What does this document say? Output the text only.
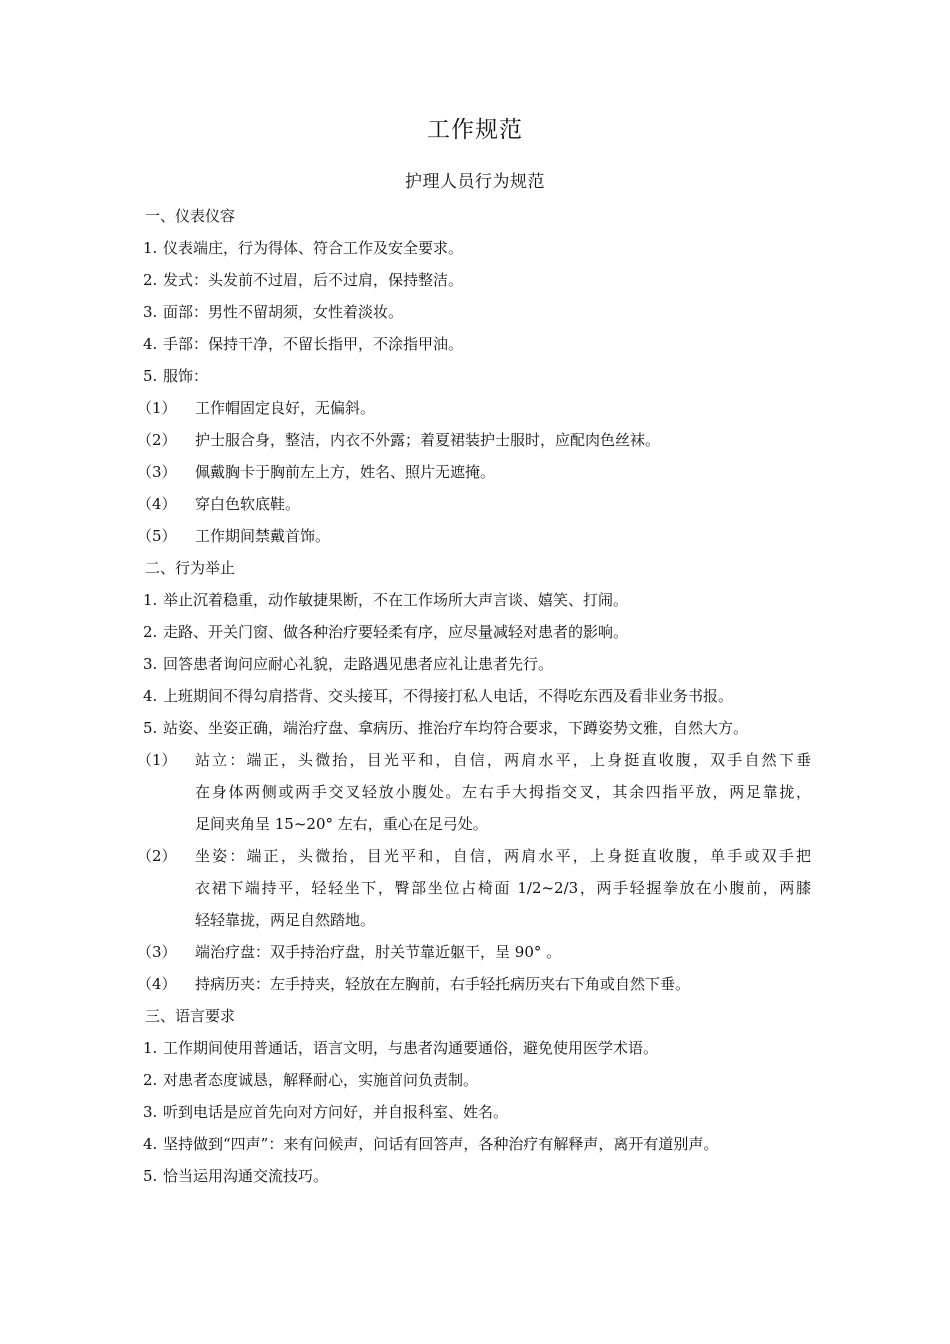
工作规范
护理人员行为规范
一、仪表仪容
1. 仪表端庄，行为得体、符合工作及安全要求。
2. 发式：头发前不过眉，后不过肩，保持整洁。
3. 面部：男性不留胡须，女性着淡妆。
4. 手部：保持干净，不留长指甲，不涂指甲油。
5. 服饰：
（1）	工作帽固定良好，无偏斜。
（2）	护士服合身，整洁，内衣不外露；着夏裙装护士服时，应配肉色丝袜。
（3）	佩戴胸卡于胸前左上方，姓名、照片无遮掩。
（4）	穿白色软底鞋。
（5）	工作期间禁戴首饰。
二、行为举止
1. 举止沉着稳重，动作敏捷果断，不在工作场所大声言谈、嬉笑、打闹。
2. 走路、开关门窗、做各种治疗要轻柔有序，应尽量减轻对患者的影响。
3. 回答患者询问应耐心礼貌，走路遇见患者应礼让患者先行。
4. 上班期间不得勾肩搭背、交头接耳，不得接打私人电话，不得吃东西及看非业务书报。
5. 站姿、坐姿正确，端治疗盘、拿病历、推治疗车均符合要求，下蹲姿势文雅，自然大方。
（1）	站立：端正，头微抬，目光平和，自信，两肩水平，上身挺直收腹，双手自然下垂
在身体两侧或两手交叉轻放小腹处。左右手大拇指交叉，其余四指平放，两足靠拢，
足间夹角呈 15~20° 左右，重心在足弓处。
（2）	坐姿：端正，头微抬，目光平和，自信，两肩水平，上身挺直收腹，单手或双手把
衣裙下端持平，轻轻坐下，臀部坐位占椅面 1/2~2/3，两手轻握拳放在小腹前，两膝
轻轻靠拢，两足自然踏地。
（3）	端治疗盘：双手持治疗盘，肘关节靠近躯干，呈 90° 。
（4）	持病历夹：左手持夹，轻放在左胸前，右手轻托病历夹右下角或自然下垂。
三、语言要求
1. 工作期间使用普通话，语言文明，与患者沟通要通俗，避免使用医学术语。
2. 对患者态度诚恳，解释耐心，实施首问负责制。
3. 听到电话是应首先向对方问好，并自报科室、姓名。
4. 坚持做到“四声”：来有问候声，问话有回答声，各种治疗有解释声，离开有道别声。
5. 恰当运用沟通交流技巧。
